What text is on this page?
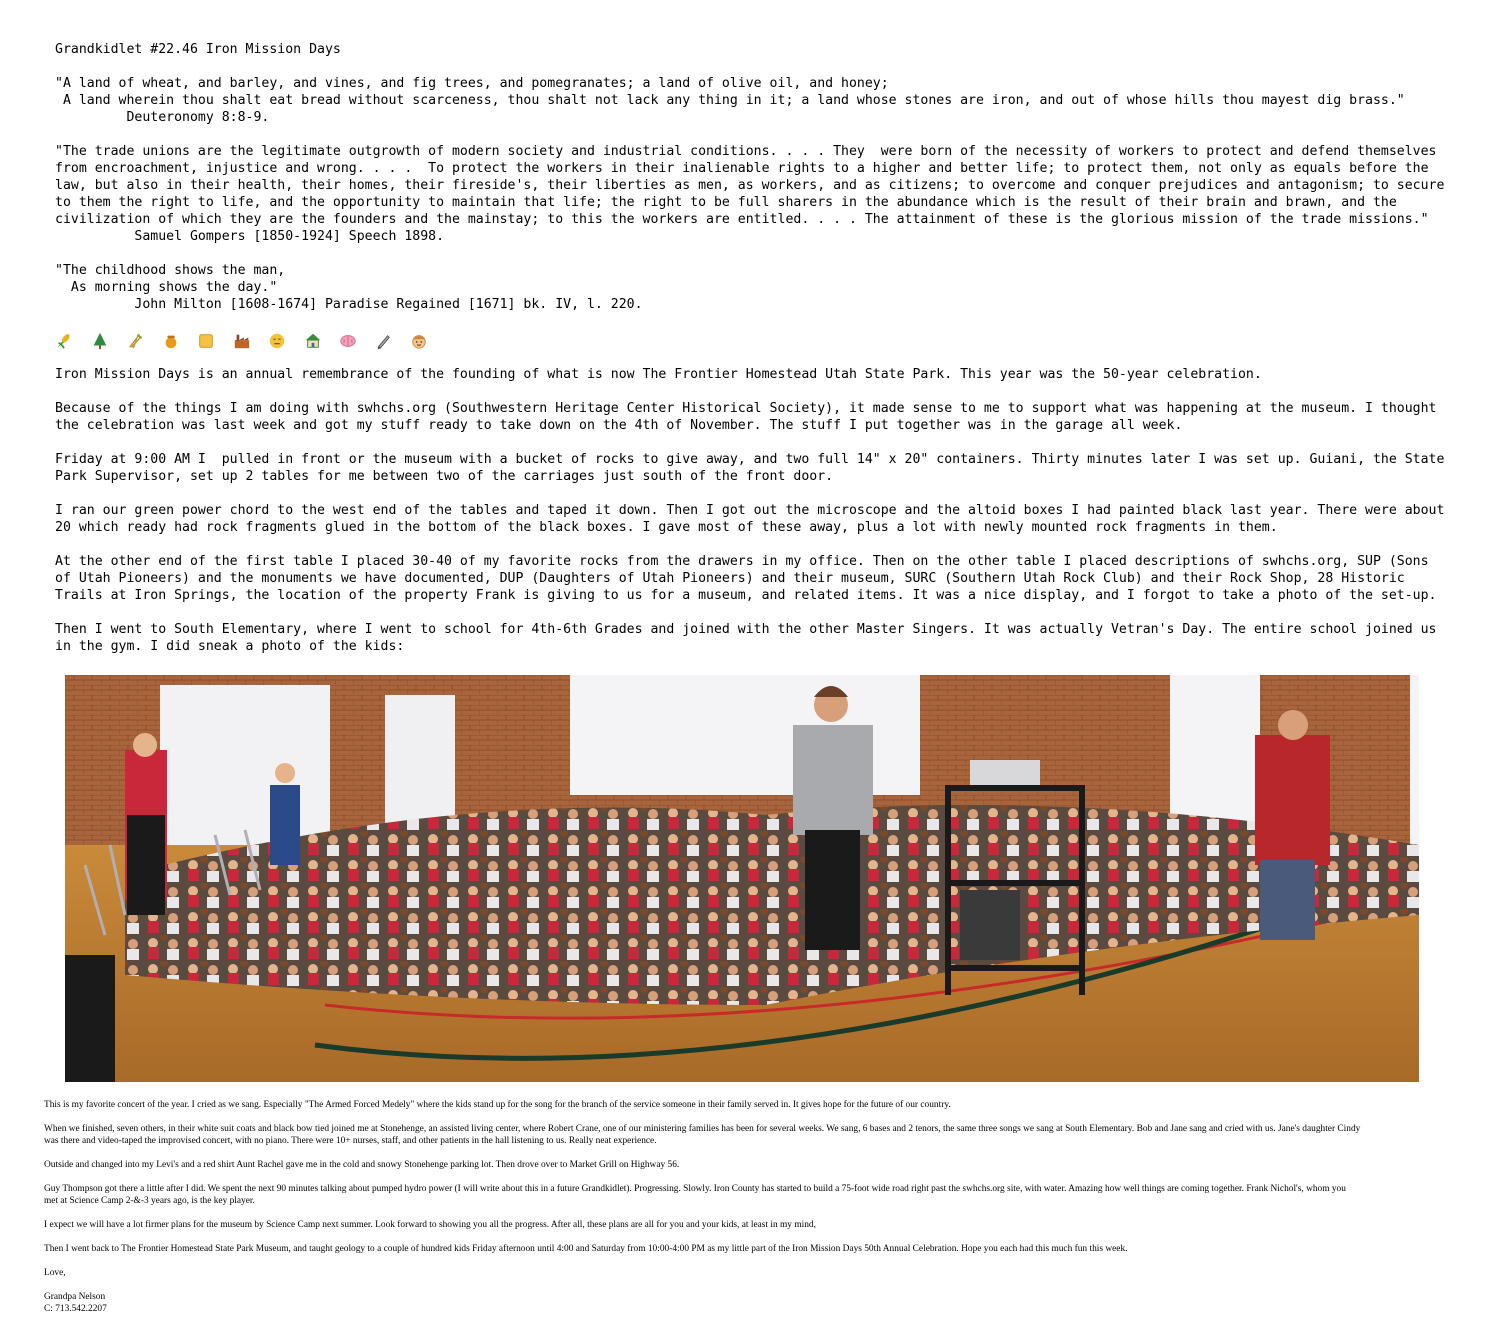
Grandkidlet #22.46 Iron Mission Days
"A land of wheat, and barley, and vines, and fig trees, and pomegranates; a land of olive oil, and honey;
A land wherein thou shalt eat bread without scarceness, thou shalt not lack any thing in it; a land whose stones are iron, and out of whose hills thou mayest dig brass."
Deuteronomy 8:8-9.
"The trade unions are the legitimate outgrowth of modern society and industrial conditions. . . . They  were born of the necessity of workers to protect and defend themselves
from encroachment, injustice and wrong. . . .  To protect the workers in their inalienable rights to a higher and better life; to protect them, not only as equals before the
law, but also in their health, their homes, their fireside's, their liberties as men, as workers, and as citizens; to overcome and conquer prejudices and antagonism; to secure
to them the right to life, and the opportunity to maintain that life; the right to be full sharers in the abundance which is the result of their brain and brawn, and the
civilization of which they are the founders and the mainstay; to this the workers are entitled. . . . The attainment of these is the glorious mission of the trade missions."
Samuel Gompers [1850-1924] Speech 1898.
"The childhood shows the man,
As morning shows the day."
John Milton [1608-1674] Paradise Regained [1671] bk. IV, l. 220.
Iron Mission Days is an annual remembrance of the founding of what is now The Frontier Homestead Utah State Park. This year was the 50-year celebration.
Because of the things I am doing with swhchs.org (Southwestern Heritage Center Historical Society), it made sense to me to support what was happening at the museum. I thought
the celebration was last week and got my stuff ready to take down on the 4th of November. The stuff I put together was in the garage all week.
Friday at 9:00 AM I  pulled in front or the museum with a bucket of rocks to give away, and two full 14" x 20" containers. Thirty minutes later I was set up. Guiani, the State
Park Supervisor, set up 2 tables for me between two of the carriages just south of the front door.
I ran our green power chord to the west end of the tables and taped it down. Then I got out the microscope and the altoid boxes I had painted black last year. There were about
20 which ready had rock fragments glued in the bottom of the black boxes. I gave most of these away, plus a lot with newly mounted rock fragments in them.
At the other end of the first table I placed 30-40 of my favorite rocks from the drawers in my office. Then on the other table I placed descriptions of swhchs.org, SUP (Sons
of Utah Pioneers) and the monuments we have documented, DUP (Daughters of Utah Pioneers) and their museum, SURC (Southern Utah Rock Club) and their Rock Shop, 28 Historic
Trails at Iron Springs, the location of the property Frank is giving to us for a museum, and related items. It was a nice display, and I forgot to take a photo of the set-up.
Then I went to South Elementary, where I went to school for 4th-6th Grades and joined with the other Master Singers. It was actually Vetran's Day. The entire school joined us
in the gym. I did sneak a photo of the kids:
This is my favorite concert of the year. I cried as we sang. Especially "The Armed Forced Medely" where the kids stand up for the song for the branch of the service someone in their family served in. It gives hope for the future of our country.
When we finished, seven others, in their white suit coats and black bow tied joined me at Stonehenge, an assisted living center, where Robert Crane, one of our ministering families has been for several weeks. We sang, 6 bases and 2 tenors, the same three songs we sang at South Elementary. Bob and Jane sang and cried with us. Jane's daughter Cindy
was there and video-taped the improvised concert, with no piano. There were 10+ nurses, staff, and other patients in the hall listening to us. Really neat experience.
Outside and changed into my Levi's and a red shirt Aunt Rachel gave me in the cold and snowy Stonehenge parking lot. Then drove over to Market Grill on Highway 56.
Guy Thompson got there a little after I did. We spent the next 90 minutes talking about pumped hydro power (I will write about this in a future Grandkidlet). Progressing. Slowly. Iron County has started to build a 75-foot wide road right past the swhchs.org site, with water. Amazing how well things are coming together. Frank Nichol's, whom you
met at Science Camp 2-&-3 years ago, is the key player.
I expect we will have a lot firmer plans for the museum by Science Camp next summer. Look forward to showing you all the progress. After all, these plans are all for you and your kids, at least in my mind,
Then I went back to The Frontier Homestead State Park Museum, and taught geology to a couple of hundred kids Friday afternoon until 4:00 and Saturday from 10:00-4:00 PM as my little part of the Iron Mission Days 50th Annual Celebration. Hope you each had this much fun this week.
Love,
Grandpa Nelson
C: 713.542.2207
